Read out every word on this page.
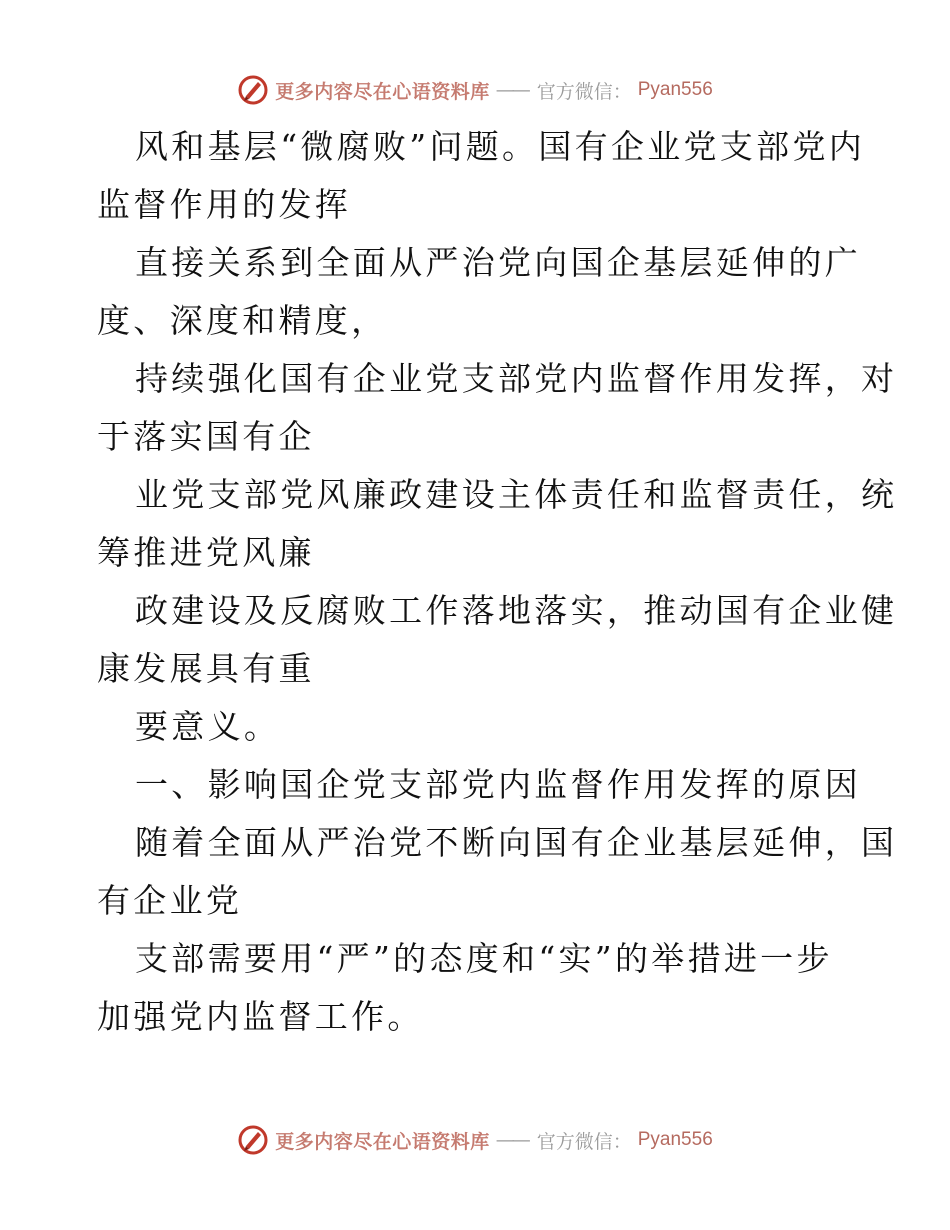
更多内容尽在心语资料库 —— 官方微信： Pyan556
风和基层“微腐败”问题。国有企业党支部党内
监督作用的发挥
直接关系到全面从严治党向国企基层延伸的广
度、深度和精度，
持续强化国有企业党支部党内监督作用发挥，对
于落实国有企
业党支部党风廉政建设主体责任和监督责任，统
筹推进党风廉
政建设及反腐败工作落地落实，推动国有企业健
康发展具有重
要意义。
一、影响国企党支部党内监督作用发挥的原因
随着全面从严治党不断向国有企业基层延伸，国
有企业党
支部需要用“严”的态度和“实”的举措进一步
加强党内监督工作。
更多内容尽在心语资料库 —— 官方微信： Pyan556
